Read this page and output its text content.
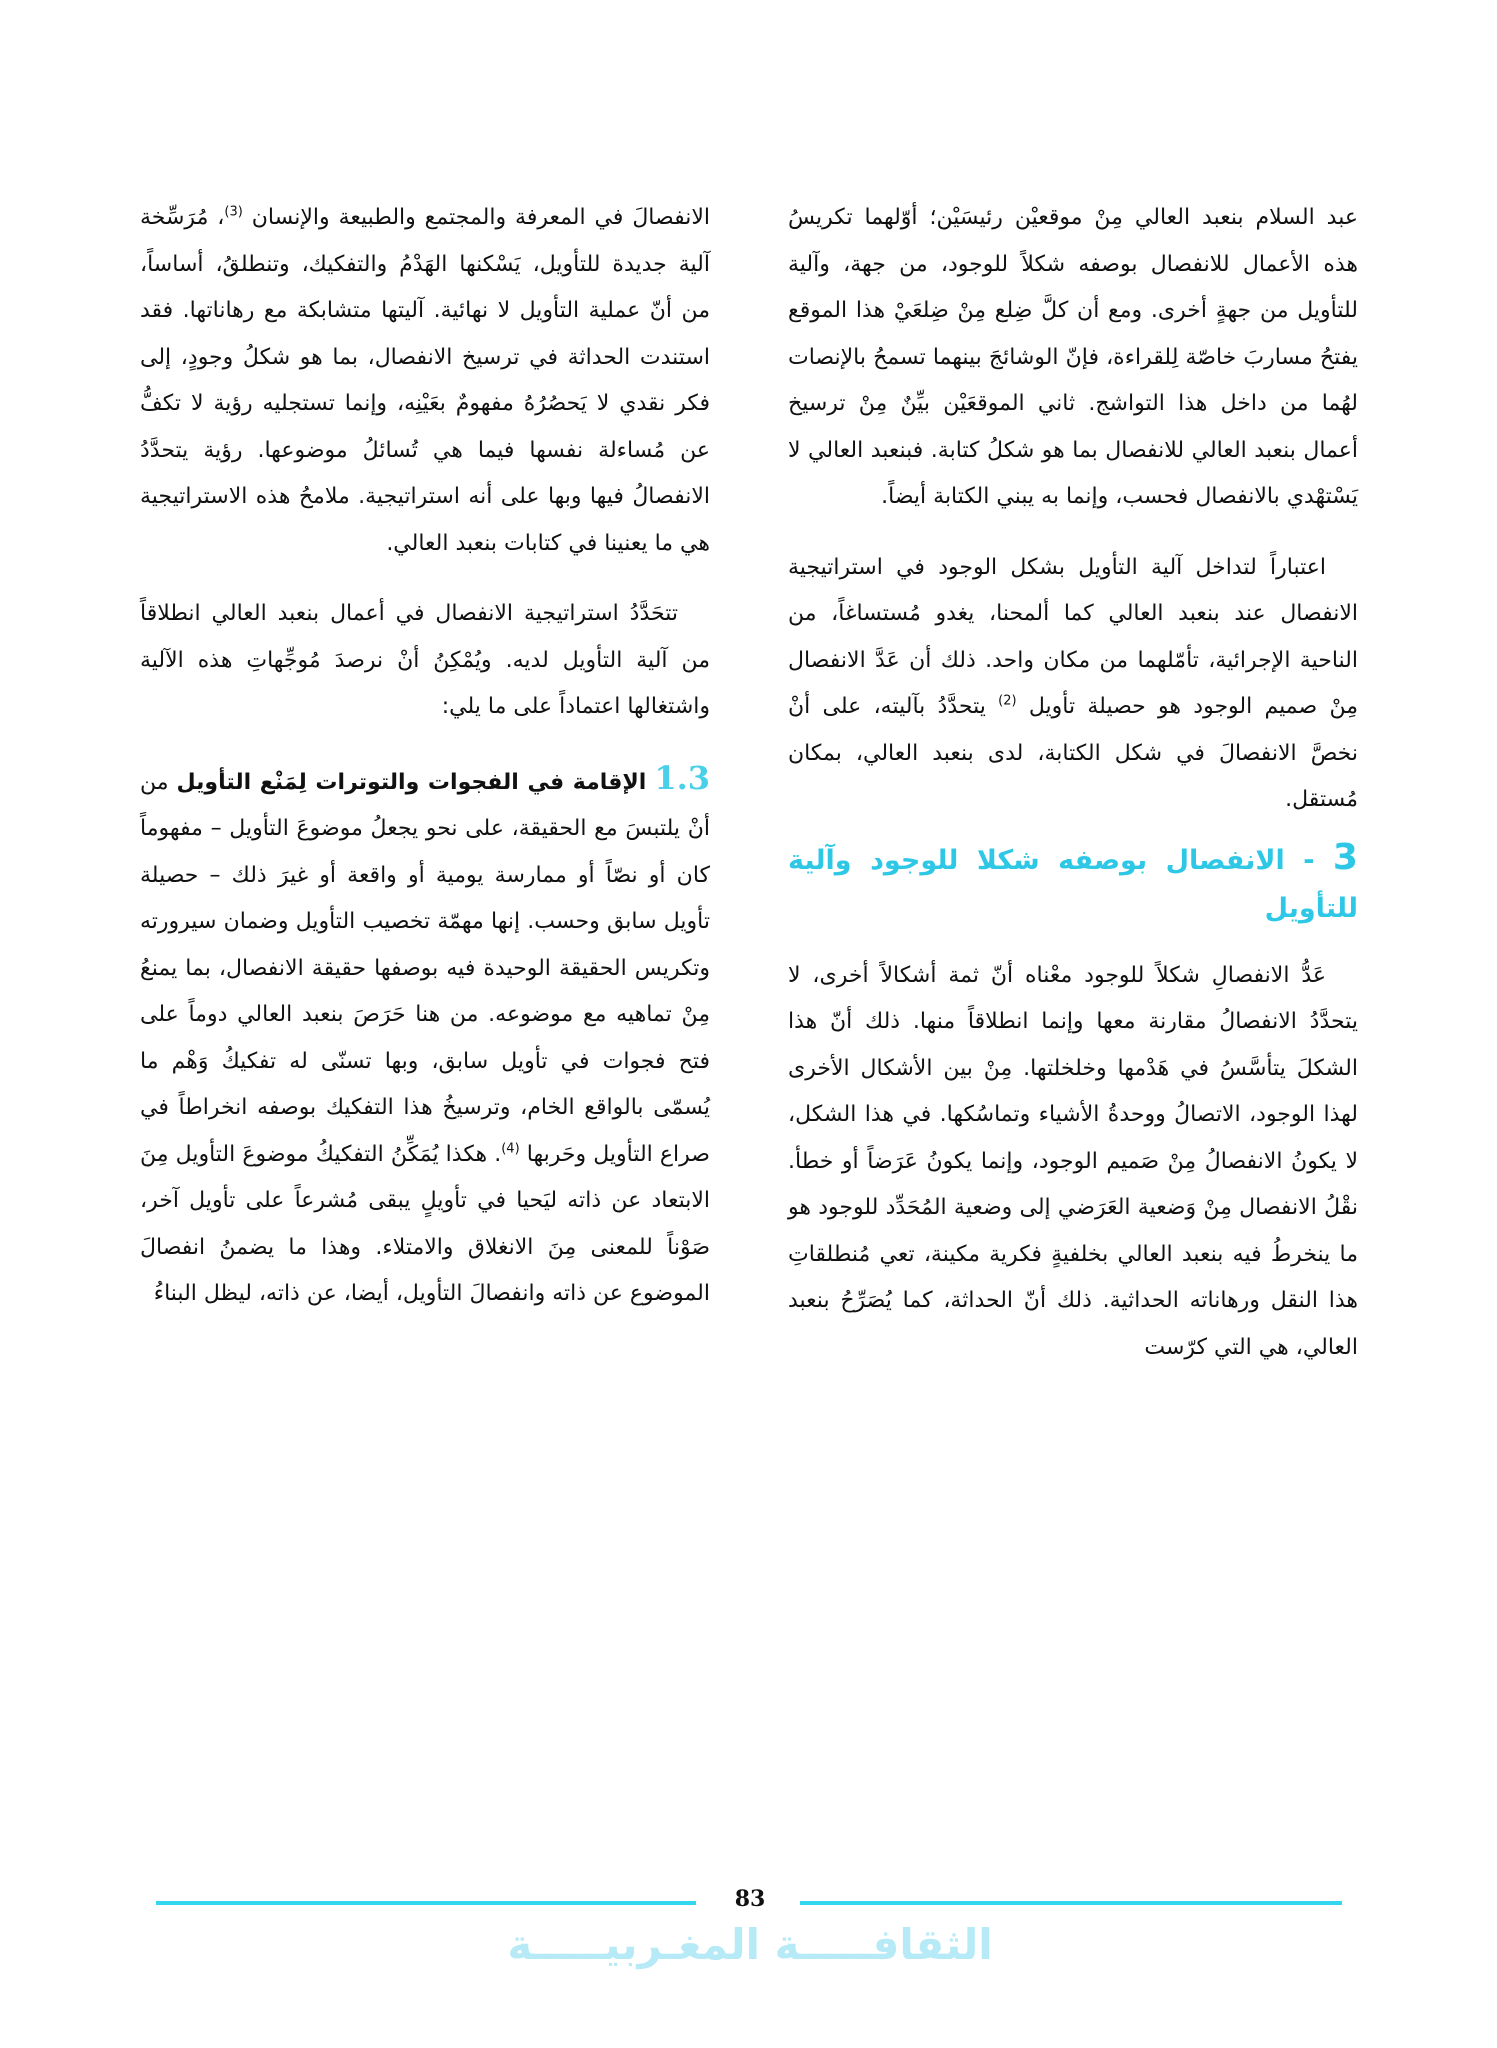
عبد السلام بنعبد العالي مِنْ موقعيْن رئيسَيْن؛ أوّلهما تكريسُ هذه الأعمال للانفصال بوصفه شكلاً للوجود، من جهة، وآلية للتأويل من جهةٍ أخرى. ومع أن كلَّ ضِلع مِنْ ضِلعَيْ هذا الموقع يفتحُ مساربَ خاصّة لِلقراءة، فإنّ الوشائجَ بينهما تسمحُ بالإنصات لهُما من داخل هذا التواشج. ثاني الموقعَيْن بيِّنٌ مِنْ ترسيخ أعمال بنعبد العالي للانفصال بما هو شكلُ كتابة. فبنعبد العالي لا يَسْتهْدي بالانفصال فحسب، وإنما به يبني الكتابة أيضاً.

اعتباراً لتداخل آلية التأويل بشكل الوجود في استراتيجية الانفصال عند بنعبد العالي كما ألمحنا، يغدو مُستساغاً، من الناحية الإجرائية، تأمّلهما من مكان واحد. ذلك أن عَدَّ الانفصال مِنْ صميم الوجود هو حصيلة تأويل $^{(2)}$ يتحدَّدُ بآليته، على أنْ نخصَّ الانفصالَ في شكل الكتابة، لدى بنعبد العالي، بمكان مُستقل.

3 - الانفصال بوصفه شكلا للوجود وآلية للتأويل

عَدُّ الانفصالِ شكلاً للوجود معْناه أنّ ثمة أشكالاً أخرى، لا يتحدَّدُ الانفصالُ مقارنة معها وإنما انطلاقاً منها. ذلك أنّ هذا الشكلَ يتأسَّسُ في هَدْمها وخلخلتها. مِنْ بين الأشكال الأخرى لهذا الوجود، الاتصالُ ووحدةُ الأشياء وتماسُكها. في هذا الشكل، لا يكونُ الانفصالُ مِنْ صَميم الوجود، وإنما يكونُ عَرَضاً أو خطأ. نقْلُ الانفصال مِنْ وَضعية العَرَضي إلى وضعية المُحَدِّد للوجود هو ما ينخرطُ فيه بنعبد العالي بخلفيةٍ فكرية مكينة، تعي مُنطلقاتِ هذا النقل ورهاناته الحداثية. ذلك أنّ الحداثة، كما يُصَرِّحُ بنعبد العالي، هي التي كرّست

الانفصالَ في المعرفة والمجتمع والطبيعة والإنسان $^{(3)}$، مُرَسِّخة آلية جديدة للتأويل، يَسْكنها الهَدْمُ والتفكيك، وتنطلقُ، أساساً، من أنّ عملية التأويل لا نهائية. آليتها متشابكة مع رهاناتها. فقد استندت الحداثة في ترسيخ الانفصال، بما هو شكلُ وجودٍ، إلى فكر نقدي لا يَحصُرُهُ مفهومٌ بعَيْنِه، وإنما تستجليه رؤية لا تكفُّ عن مُساءلة نفسها فيما هي تُسائلُ موضوعها. رؤية يتحدَّدُ الانفصالُ فيها وبها على أنه استراتيجية. ملامحُ هذه الاستراتيجية هي ما يعنينا في كتابات بنعبد العالي.

تتحَدَّدُ استراتيجية الانفصال في أعمال بنعبد العالي انطلاقاً من آلية التأويل لديه. ويُمْكِنُ أنْ نرصدَ مُوجِّهاتِ هذه الآلية واشتغالها اعتماداً على ما يلي:

1.3 الإقامة في الفجوات والتوترات لِمَنْع التأويل من أنْ يلتبسَ مع الحقيقة، على نحو يجعلُ موضوعَ التأويل – مفهوماً كان أو نصّاً أو ممارسة يومية أو واقعة أو غيرَ ذلك – حصيلة تأويل سابق وحسب. إنها مهمّة تخصيب التأويل وضمان سيرورته وتكريس الحقيقة الوحيدة فيه بوصفها حقيقة الانفصال، بما يمنعُ مِنْ تماهيه مع موضوعه. من هنا حَرَصَ بنعبد العالي دوماً على فتح فجوات في تأويل سابق، وبها تسنّى له تفكيكُ وَهْم ما يُسمّى بالواقع الخام، وترسيخُ هذا التفكيك بوصفه انخراطاً في صراع التأويل وحَربها $^{(4)}$. هكذا يُمَكِّنُ التفكيكُ موضوعَ التأويل مِنَ الابتعاد عن ذاته ليَحيا في تأويلٍ يبقى مُشرعاً على تأويل آخر، صَوْناً للمعنى مِنَ الانغلاق والامتلاء. وهذا ما يضمنُ انفصالَ الموضوع عن ذاته وانفصالَ التأويل، أيضا، عن ذاته، ليظل البناءُ

83
الثقافـــــة المغـربيـــــة
